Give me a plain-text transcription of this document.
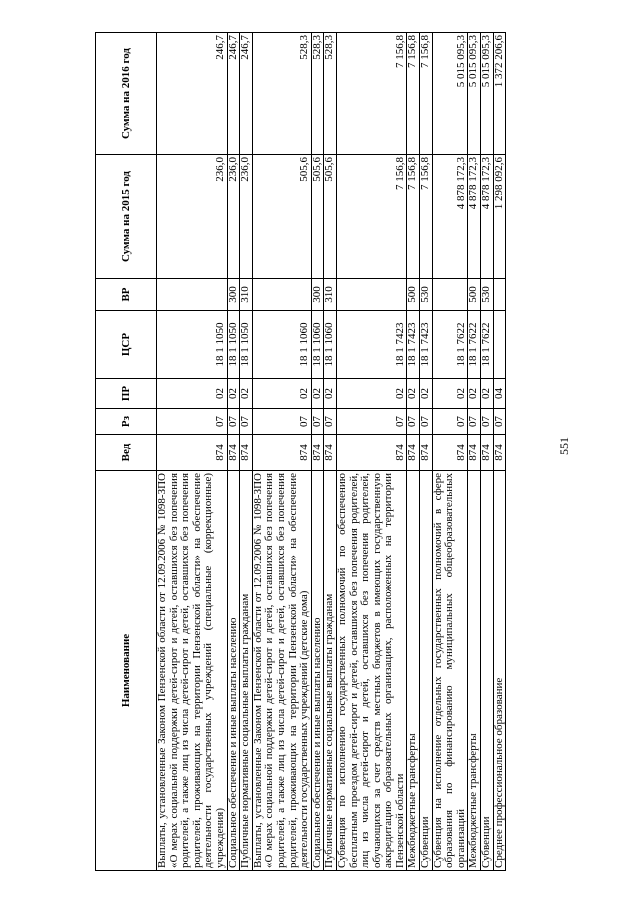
551
Наименование	Вед	Рз	ПР	ЦСР	ВР	Сумма на 2015 год	Сумма на 2016 год
Выплаты, установленные Законом Пензенской области от 12.09.2006 № 1098-ЗПО «О мерах социальной поддержки детей-сирот и детей, оставшихся без попечения родителей, а также лиц из числа детей-сирот и детей, оставшихся без попечения родителей, проживающих на территории Пензенской области» на обеспечение деятельности государственных учреждений (специальные (коррекционные) учреждения)	874	07	02	18 1 1050		236,0	246,7
Социальное обеспечение и иные выплаты населению	874	07	02	18 1 1050	300	236,0	246,7
Публичные нормативные социальные выплаты гражданам	874	07	02	18 1 1050	310	236,0	246,7
Выплаты, установленные Законом Пензенской области от 12.09.2006 № 1098-ЗПО «О мерах социальной поддержки детей-сирот и детей, оставшихся без попечения родителей, а также лиц из числа детей-сирот и детей, оставшихся без попечения родителей, проживающих на территории Пензенской области» на обеспечение деятельности государственных учреждений (детские дома)	874	07	02	18 1 1060		505,6	528,3
Социальное обеспечение и иные выплаты населению	874	07	02	18 1 1060	300	505,6	528,3
Публичные нормативные социальные выплаты гражданам	874	07	02	18 1 1060	310	505,6	528,3
Субвенция по исполнению государственных полномочий по обеспечению бесплатным проездом детей-сирот и детей, оставшихся без попечения родителей, лиц из числа детей-сирот и детей, оставшихся без попечения родителей, обучающихся за счет средств местных бюджетов в имеющих государственную аккредитацию образовательных организациях, расположенных на территории Пензенской области	874	07	02	18 1 7423		7 156,8	7 156,8
Межбюджетные трансферты	874	07	02	18 1 7423	500	7 156,8	7 156,8
Субвенции	874	07	02	18 1 7423	530	7 156,8	7 156,8
Субвенция на исполнение отдельных государственных полномочий в сфере образования по финансированию муниципальных общеобразовательных организаций	874	07	02	18 1 7622		4 878 172,3	5 015 095,3
Межбюджетные трансферты	874	07	02	18 1 7622	500	4 878 172,3	5 015 095,3
Субвенции	874	07	02	18 1 7622	530	4 878 172,3	5 015 095,3
Среднее профессиональное образование	874	07	04			1 298 092,6	1 372 206,6
